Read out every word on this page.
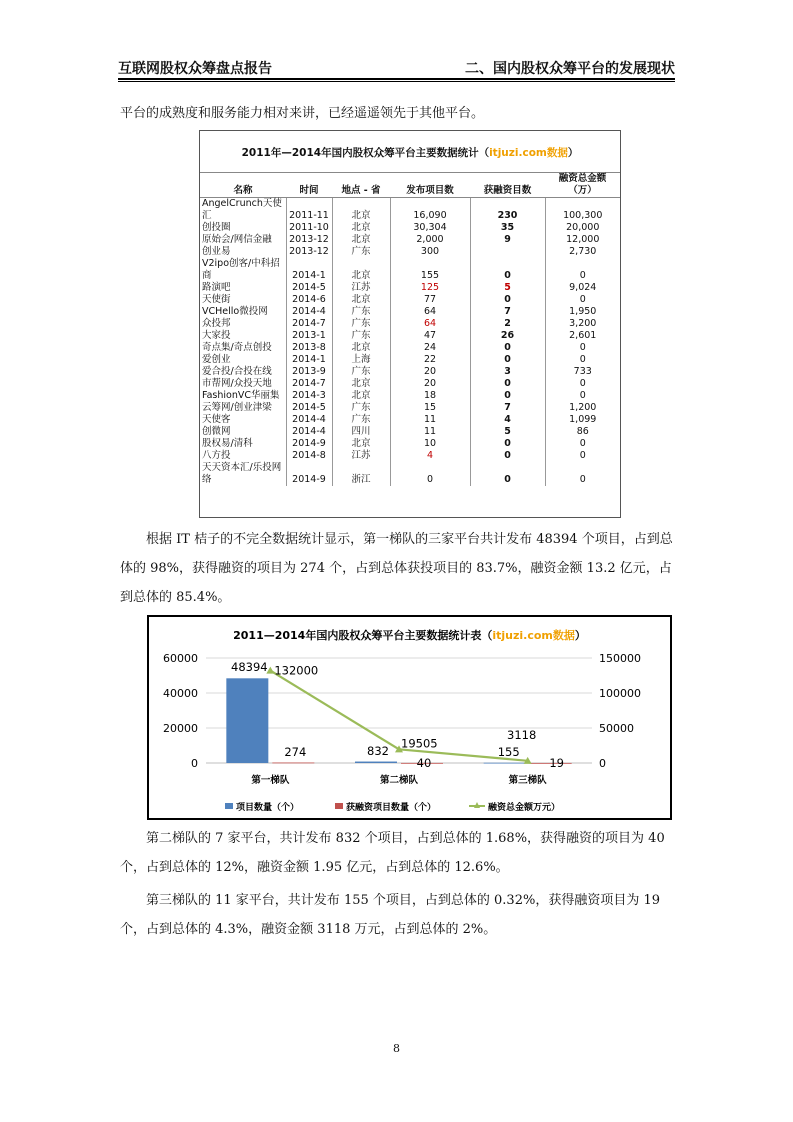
互联网股权众筹盘点报告	二、国内股权众筹平台的发展现状

平台的成熟度和服务能力相对来讲，已经遥遥领先于其他平台。

2011年—2014年国内股权众筹平台主要数据统计（itjuzi.com数据）
名称	时间	地点 - 省	发布项目数	获融资目数	融资总金额（万）
AngelCrunch天使汇	2011-11	北京	16,090	230	100,300
创投圈	2011-10	北京	30,304	35	20,000
原始会/网信金融	2013-12	北京	2,000	9	12,000
创业易	2013-12	广东	300		2,730
V2ipo创客/中科招商	2014-1	北京	155	0	0
路演吧	2014-5	江苏	125	5	9,024
天使街	2014-6	北京	77	0	0
VCHello微投网	2014-4	广东	64	7	1,950
众投邦	2014-7	广东	64	2	3,200
大家投	2013-1	广东	47	26	2,601
奇点集/奇点创投	2013-8	北京	24	0	0
爱创业	2014-1	上海	22	0	0
爱合投/合投在线	2013-9	广东	20	3	733
市帮网/众投天地	2014-7	北京	20	0	0
FashionVC华丽集	2014-3	北京	18	0	0
云筹网/创业津梁	2014-5	广东	15	7	1,200
天使客	2014-4	广东	11	4	1,099
创微网	2014-4	四川	11	5	86
股权易/清科	2014-9	北京	10	0	0
八方投	2014-8	江苏	4	0	0
天天资本汇/乐投网络	2014-9	浙江	0	0	0

根据 IT 桔子的不完全数据统计显示，第一梯队的三家平台共计发布 48394 个项目，占到总体的 98%，获得融资的项目为 274 个，占到总体获投项目的 83.7%，融资金额 13.2 亿元，占到总体的 85.4%。

2011—2014年国内股权众筹平台主要数据统计表（itjuzi.com数据）
0
20000
40000
60000
0
50000
100000
150000
第一梯队	第二梯队	第三梯队
48394
274	832
40
155
19
132000
19505
3118
项目数量（个）	获融资项目数量（个）	融资总金额万元）

第二梯队的 7 家平台，共计发布 832 个项目，占到总体的 1.68%，获得融资的项目为 40 个，占到总体的 12%，融资金额 1.95 亿元，占到总体的 12.6%。

第三梯队的 11 家平台，共计发布 155 个项目，占到总体的 0.32%，获得融资项目为 19 个，占到总体的 4.3%，融资金额 3118 万元，占到总体的 2%。

8
